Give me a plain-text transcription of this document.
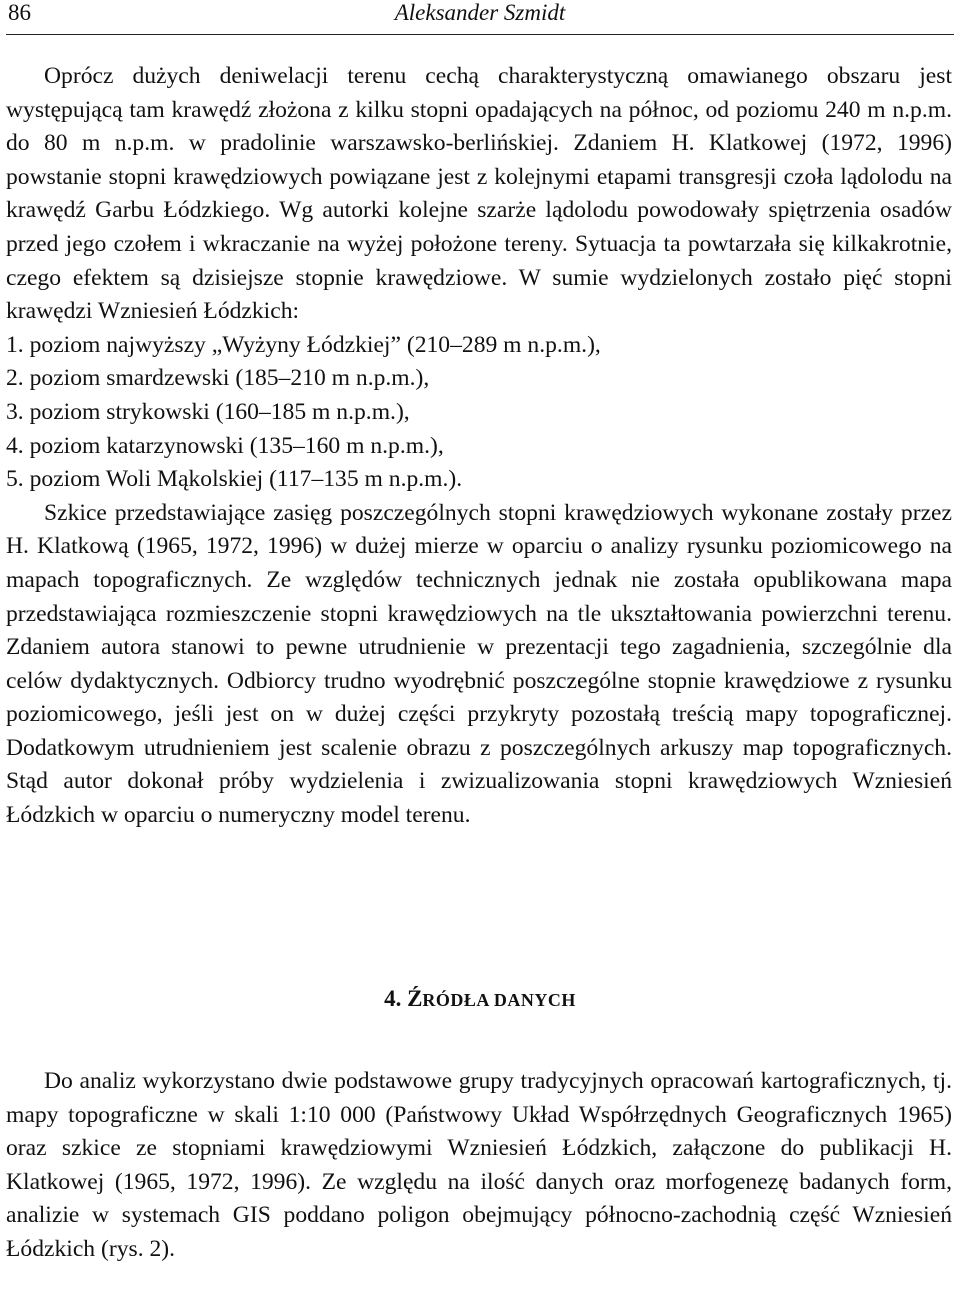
86	Aleksander Szmidt

Oprócz dużych deniwelacji terenu cechą charakterystyczną omawianego obszaru jest występującą tam krawędź złożona z kilku stopni opadających na północ, od poziomu 240 m n.p.m. do 80 m n.p.m. w pradolinie warszawsko-berlińskiej. Zdaniem H. Klatkowej (1972, 1996) powstanie stopni krawędziowych powiązane jest z kolejnymi etapami transgresji czoła lądolodu na krawędź Garbu Łódzkiego. Wg autorki kolejne szarże lądolodu powodowały spiętrzenia osadów przed jego czołem i wkraczanie na wyżej położone tereny. Sytuacja ta powtarzała się kilkakrotnie, czego efektem są dzisiejsze stopnie krawędziowe. W sumie wydzielonych zostało pięć stopni krawędzi Wzniesień Łódzkich:

1. poziom najwyższy „Wyżyny Łódzkiej” (210–289 m n.p.m.),
2. poziom smardzewski (185–210 m n.p.m.),
3. poziom strykowski (160–185 m n.p.m.),
4. poziom katarzynowski (135–160 m n.p.m.),
5. poziom Woli Mąkolskiej (117–135 m n.p.m.).

Szkice przedstawiające zasięg poszczególnych stopni krawędziowych wykonane zostały przez H. Klatkową (1965, 1972, 1996) w dużej mierze w oparciu o analizy rysunku poziomicowego na mapach topograficznych. Ze względów technicznych jednak nie została opublikowana mapa przedstawiająca rozmieszczenie stopni krawędziowych na tle ukształtowania powierzchni terenu. Zdaniem autora stanowi to pewne utrudnienie w prezentacji tego zagadnienia, szczególnie dla celów dydaktycznych. Odbiorcy trudno wyodrębnić poszczególne stopnie krawędziowe z rysunku poziomicowego, jeśli jest on w dużej części przykryty pozostałą treścią mapy topograficznej. Dodatkowym utrudnieniem jest scalenie obrazu z poszczególnych arkuszy map topograficznych. Stąd autor dokonał próby wydzielenia i zwizualizowania stopni krawędziowych Wzniesień Łódzkich w oparciu o numeryczny model terenu.

4. ŹRÓDŁA DANYCH

Do analiz wykorzystano dwie podstawowe grupy tradycyjnych opracowań kartograficznych, tj. mapy topograficzne w skali 1:10 000 (Państwowy Układ Współrzędnych Geograficznych 1965) oraz szkice ze stopniami krawędziowymi Wzniesień Łódzkich, załączone do publikacji H. Klatkowej (1965, 1972, 1996). Ze względu na ilość danych oraz morfogenezę badanych form, analizie w systemach GIS poddano poligon obejmujący północno-zachodnią część Wzniesień Łódzkich (rys. 2).
